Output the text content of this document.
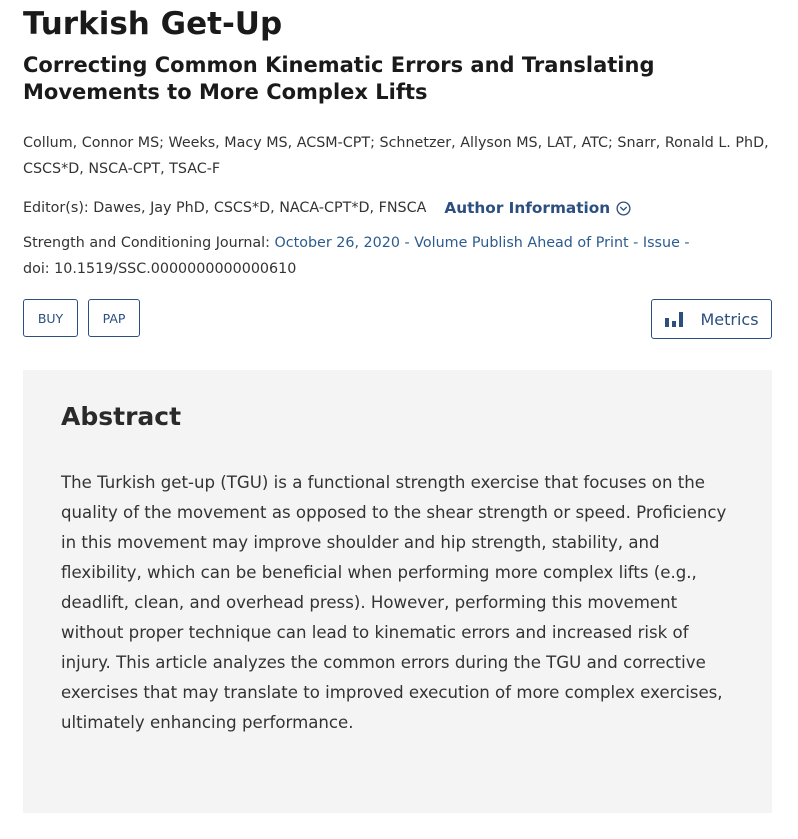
Turkish Get-Up
Correcting Common Kinematic Errors and Translating Movements to More Complex Lifts

Collum, Connor MS; Weeks, Macy MS, ACSM-CPT; Schnetzer, Allyson MS, LAT, ATC; Snarr, Ronald L. PhD, CSCS*D, NSCA-CPT, TSAC-F

Editor(s): Dawes, Jay PhD, CSCS*D, NACA-CPT*D, FNSCA Author Information
Strength and Conditioning Journal: October 26, 2020 - Volume Publish Ahead of Print - Issue -
doi: 10.1519/SSC.0000000000000610
BUY	PAP	Metrics
Abstract

The Turkish get-up (TGU) is a functional strength exercise that focuses on the quality of the movement as opposed to the shear strength or speed. Proficiency in this movement may improve shoulder and hip strength, stability, and flexibility, which can be beneficial when performing more complex lifts (e.g., deadlift, clean, and overhead press). However, performing this movement without proper technique can lead to kinematic errors and increased risk of injury. This article analyzes the common errors during the TGU and corrective exercises that may translate to improved execution of more complex exercises, ultimately enhancing performance.
